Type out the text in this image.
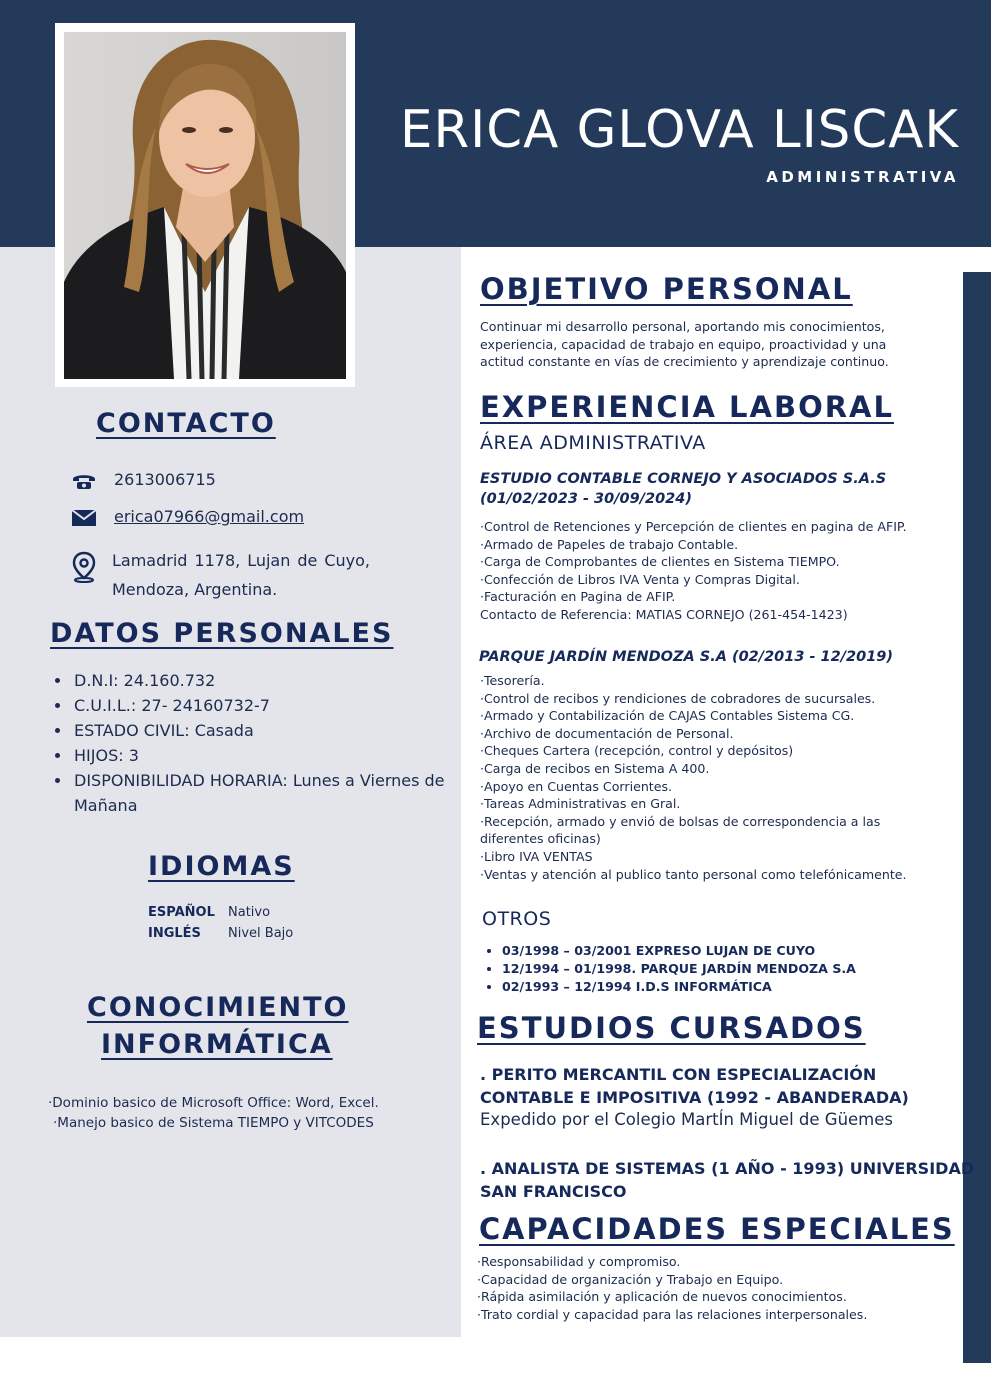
ERICA GLOVA LISCAK
ADMINISTRATIVA
CONTACTO
2613006715
erica07966@gmail.com
Lamadrid 1178, Lujan de Cuyo,
Mendoza, Argentina.
DATOS PERSONALES
• D.N.I: 24.160.732
• C.U.I.L.: 27- 24160732-7
• ESTADO CIVIL: Casada
• HIJOS: 3
• DISPONIBILIDAD HORARIA: Lunes a Viernes de Mañana
IDIOMAS
ESPAÑOL Nativo
INGLÉS Nivel Bajo
CONOCIMIENTO
INFORMÁTICA
·Dominio basico de Microsoft Office: Word, Excel.
·Manejo basico de Sistema TIEMPO y VITCODES
OBJETIVO PERSONAL
Continuar mi desarrollo personal, aportando mis conocimientos,
experiencia, capacidad de trabajo en equipo, proactividad y una
actitud constante en vías de crecimiento y aprendizaje continuo.
EXPERIENCIA LABORAL
ÁREA ADMINISTRATIVA
ESTUDIO CONTABLE CORNEJO Y ASOCIADOS S.A.S
(01/02/2023 - 30/09/2024)
·Control de Retenciones y Percepción de clientes en pagina de AFIP.
·Armado de Papeles de trabajo Contable.
·Carga de Comprobantes de clientes en Sistema TIEMPO.
·Confección de Libros IVA Venta y Compras Digital.
·Facturación en Pagina de AFIP.
Contacto de Referencia: MATIAS CORNEJO (261-454-1423)
PARQUE JARDÍN MENDOZA S.A (02/2013 - 12/2019)
·Tesorería.
·Control de recibos y rendiciones de cobradores de sucursales.
·Armado y Contabilización de CAJAS Contables Sistema CG.
·Archivo de documentación de Personal.
·Cheques Cartera (recepción, control y depósitos)
·Carga de recibos en Sistema A 400.
·Apoyo en Cuentas Corrientes.
·Tareas Administrativas en Gral.
·Recepción, armado y envió de bolsas de correspondencia a las
diferentes oficinas)
·Libro IVA VENTAS
·Ventas y atención al publico tanto personal como telefónicamente.
OTROS
• 03/1998 – 03/2001 EXPRESO LUJAN DE CUYO
• 12/1994 – 01/1998. PARQUE JARDÍN MENDOZA S.A
• 02/1993 – 12/1994 I.D.S INFORMÁTICA
ESTUDIOS CURSADOS
. PERITO MERCANTIL CON ESPECIALIZACIÓN
CONTABLE E IMPOSITIVA (1992 - ABANDERADA)
Expedido por el Colegio MartÍn Miguel de Güemes
. ANALISTA DE SISTEMAS (1 AÑO - 1993) UNIVERSIDAD
SAN FRANCISCO
CAPACIDADES ESPECIALES
·Responsabilidad y compromiso.
·Capacidad de organización y Trabajo en Equipo.
·Rápida asimilación y aplicación de nuevos conocimientos.
·Trato cordial y capacidad para las relaciones interpersonales.
